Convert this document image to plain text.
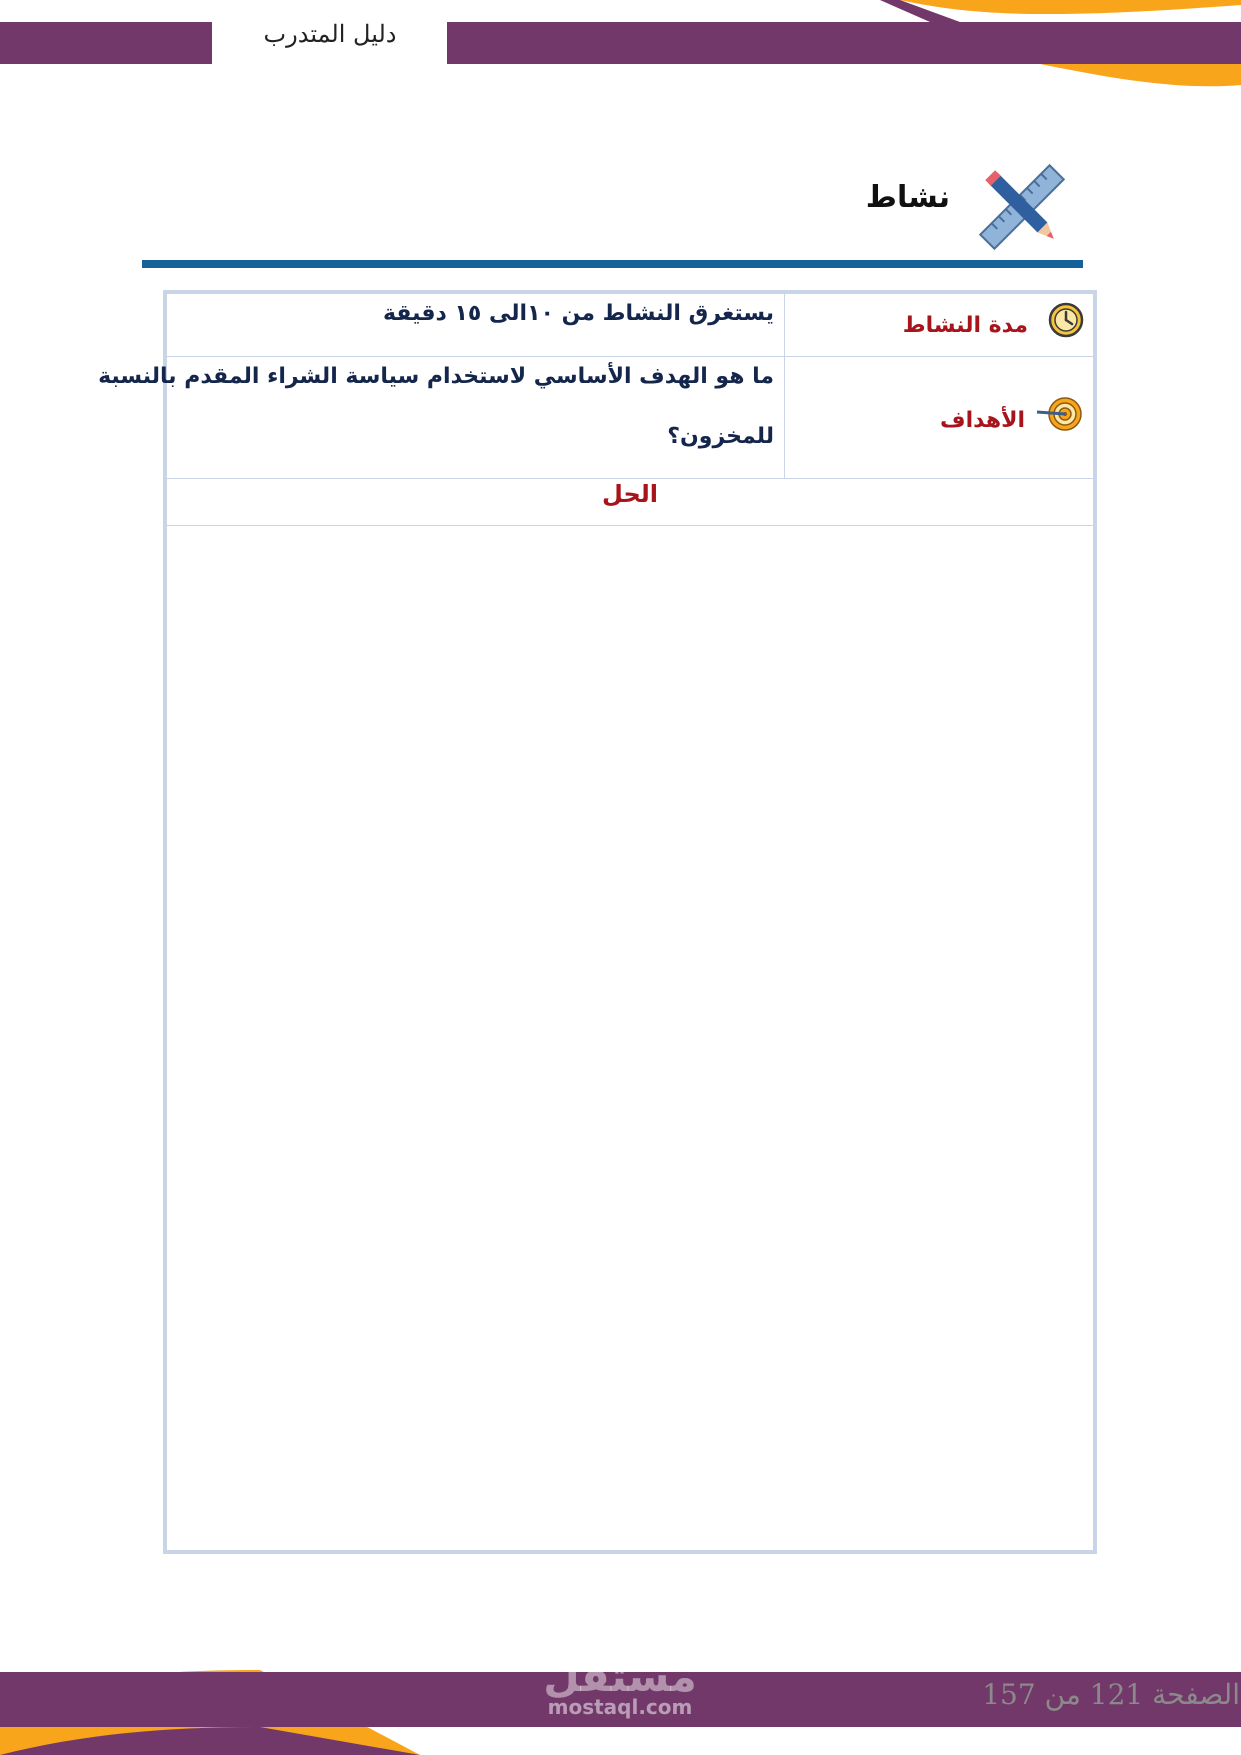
دليل المتدرب
نشاط
مدة النشاط
يستغرق النشاط من ١٠الى ١٥ دقيقة
الأهداف
ما هو الهدف الأساسي لاستخدام سياسة الشراء المقدم بالنسبة
للمخزون؟
الحل
مستقل
mostaql.com	الصفحة 121 من 157
